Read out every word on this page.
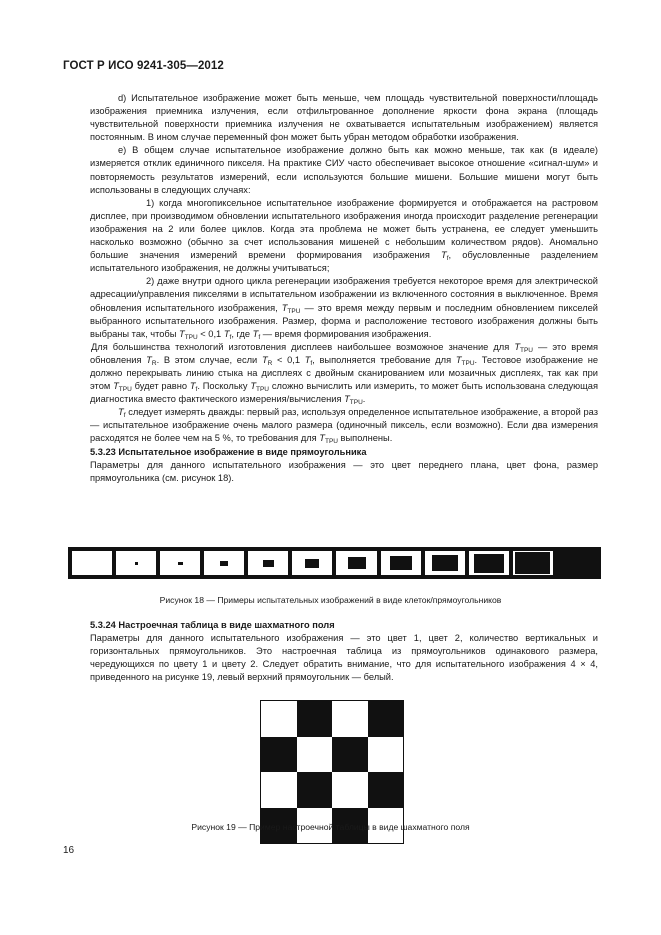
ГОСТ Р ИСО 9241-305—2012

d) Испытательное изображение может быть меньше, чем площадь чувствительной поверхности/площадь изображения приемника излучения, если отфильтрованное дополнение яркости фона экрана (площадь чувствительной поверхности приемника излучения не охватывается испытательным изображением) является постоянным. В ином случае переменный фон может быть убран методом обработки изображения.

e) В общем случае испытательное изображение должно быть как можно меньше, так как (в идеале) измеряется отклик единичного пикселя. На практике СИУ часто обеспечивает высокое отношение «сигнал-шум» и повторяемость результатов измерений, если используются большие мишени. Большие мишени могут быть использованы в следующих случаях:

1) когда многопиксельное испытательное изображение формируется и отображается на растровом дисплее, при производимом обновлении испытательного изображения иногда происходит разделение регенерации изображения на 2 или более циклов. Когда эта проблема не может быть устранена, ее следует уменьшить насколько возможно (обычно за счет использования мишеней с небольшим количеством рядов). Аномально большие значения измерений времени формирования изображения $T_f$, обусловленные разделением испытательного изображения, не должны учитываться;

2) даже внутри одного цикла регенерации изображения требуется некоторое время для электрической адресации/управления пикселями в испытательном изображении из включенного состояния в выключенное. Время обновления испытательного изображения, $T_{TPU}$ — это время между первым и последним обновлением пикселей выбранного испытательного изображения. Размер, форма и расположение тестового изображения должны быть выбраны так, чтобы $T_{TPU} < 0,1$ $T_f$, где $T_f$ — время формирования изображения.

Для большинства технологий изготовления дисплеев наибольшее возможное значение для $T_{TPU}$ — это время обновления $T_R$. В этом случае, если $T_R < 0,1$ $T_f$, выполняется требование для $T_{TPU}$. Тестовое изображение не должно перекрывать линию стыка на дисплеях с двойным сканированием или мозаичных дисплеях, так как при этом $T_{TPU}$ будет равно $T_f$. Поскольку $T_{TPU}$ сложно вычислить или измерить, то может быть использована следующая диагностика вместо фактического измерения/вычисления $T_{TPU}$.

$T_f$ следует измерять дважды: первый раз, используя определенное испытательное изображение, а второй раз — испытательное изображение очень малого размера (одиночный пиксель, если возможно). Если два измерения расходятся не более чем на 5 %, то требования для $T_{TPU}$ выполнены.

5.3.23 Испытательное изображение в виде прямоугольника

Параметры для данного испытательного изображения — это цвет переднего плана, цвет фона, размер прямоугольника (см. рисунок 18).

Рисунок 18 — Примеры испытательных изображений в виде клеток/прямоугольников

5.3.24 Настроечная таблица в виде шахматного поля

Параметры для данного испытательного изображения — это цвет 1, цвет 2, количество вертикальных и горизонтальных прямоугольников. Это настроечная таблица из прямоугольников одинакового размера, чередующихся по цвету 1 и цвету 2. Следует обратить внимание, что для испытательного изображения 4 × 4, приведенного на рисунке 19, левый верхний прямоугольник — белый.

Рисунок 19 — Пример настроечной таблицы в виде шахматного поля
16
